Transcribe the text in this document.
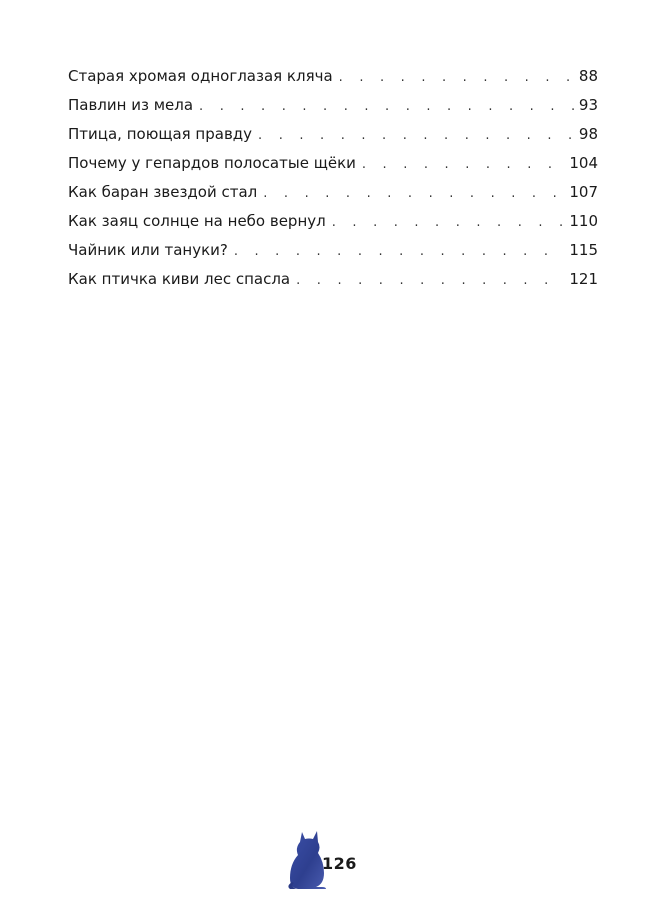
Старая хромая одноглазая кляча . . .	88
Павлин из мела . . .	93
Птица, поющая правду . . .	98
Почему у гепардов полосатые щёки . . .	104
Как баран звездой стал . . .	107
Как заяц солнце на небо вернул . . .	110
Чайник или тануки? . . .	115
Как птичка киви лес спасла . . .	121
126
